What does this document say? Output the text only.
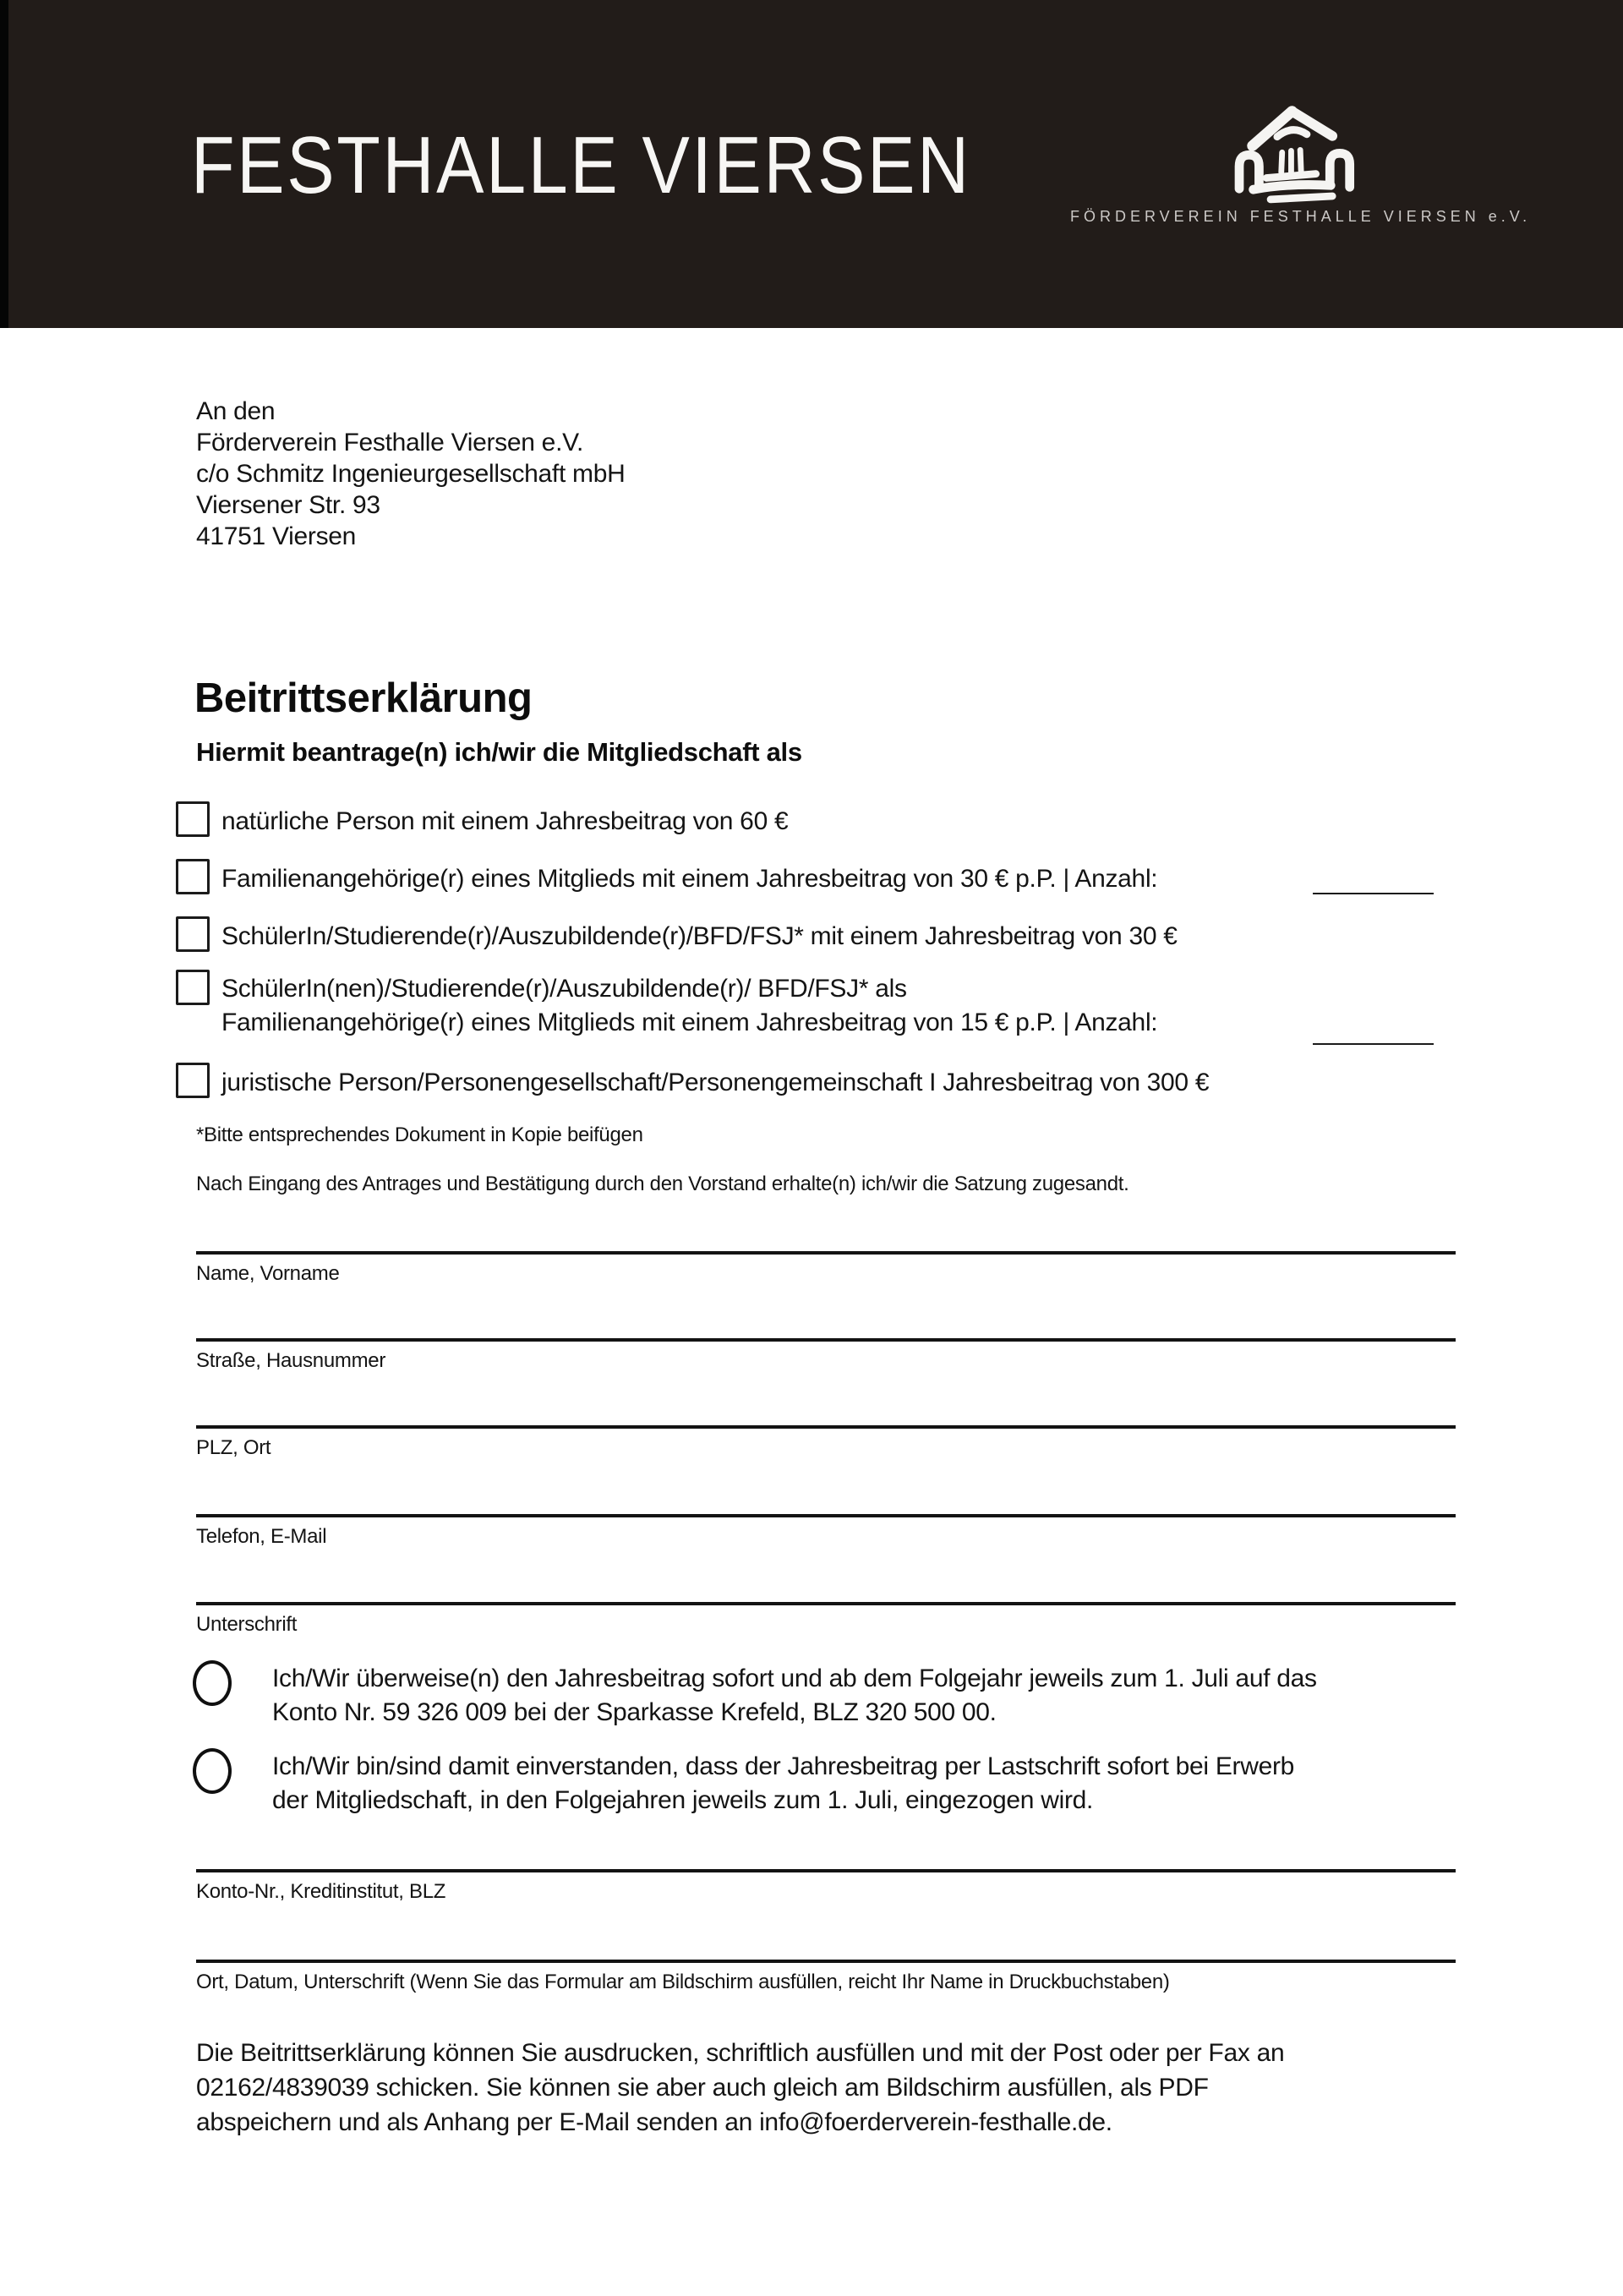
FESTHALLE VIERSEN
FÖRDERVEREIN FESTHALLE VIERSEN e.V.
An den
Förderverein Festhalle Viersen e.V.
c/o Schmitz Ingenieurgesellschaft mbH
Viersener Str. 93
41751 Viersen
Beitrittserklärung
Hiermit beantrage(n) ich/wir die Mitgliedschaft als
natürliche Person mit einem Jahresbeitrag von 60 €
Familienangehörige(r) eines Mitglieds mit einem Jahresbeitrag von 30 € p.P. | Anzahl:
SchülerIn/Studierende(r)/Auszubildende(r)/BFD/FSJ* mit einem Jahresbeitrag von 30 €
SchülerIn(nen)/Studierende(r)/Auszubildende(r)/ BFD/FSJ* als
Familienangehörige(r) eines Mitglieds mit einem Jahresbeitrag von 15 € p.P. | Anzahl:
juristische Person/Personengesellschaft/Personengemeinschaft I Jahresbeitrag von 300 €
*Bitte entsprechendes Dokument in Kopie beifügen
Nach Eingang des Antrages und Bestätigung durch den Vorstand erhalte(n) ich/wir die Satzung zugesandt.
Name, Vorname
Straße, Hausnummer
PLZ, Ort
Telefon, E-Mail
Unterschrift
Ich/Wir überweise(n) den Jahresbeitrag sofort und ab dem Folgejahr jeweils zum 1. Juli auf das
Konto Nr. 59 326 009 bei der Sparkasse Krefeld, BLZ 320 500 00.
Ich/Wir bin/sind damit einverstanden, dass der Jahresbeitrag per Lastschrift sofort bei Erwerb
der Mitgliedschaft, in den Folgejahren jeweils zum 1. Juli, eingezogen wird.
Konto-Nr., Kreditinstitut, BLZ
Ort, Datum, Unterschrift (Wenn Sie das Formular am Bildschirm ausfüllen, reicht Ihr Name in Druckbuchstaben)
Die Beitrittserklärung können Sie ausdrucken, schriftlich ausfüllen und mit der Post oder per Fax an
02162/4839039 schicken. Sie können sie aber auch gleich am Bildschirm ausfüllen, als PDF
abspeichern und als Anhang per E-Mail senden an info@foerderverein-festhalle.de.
